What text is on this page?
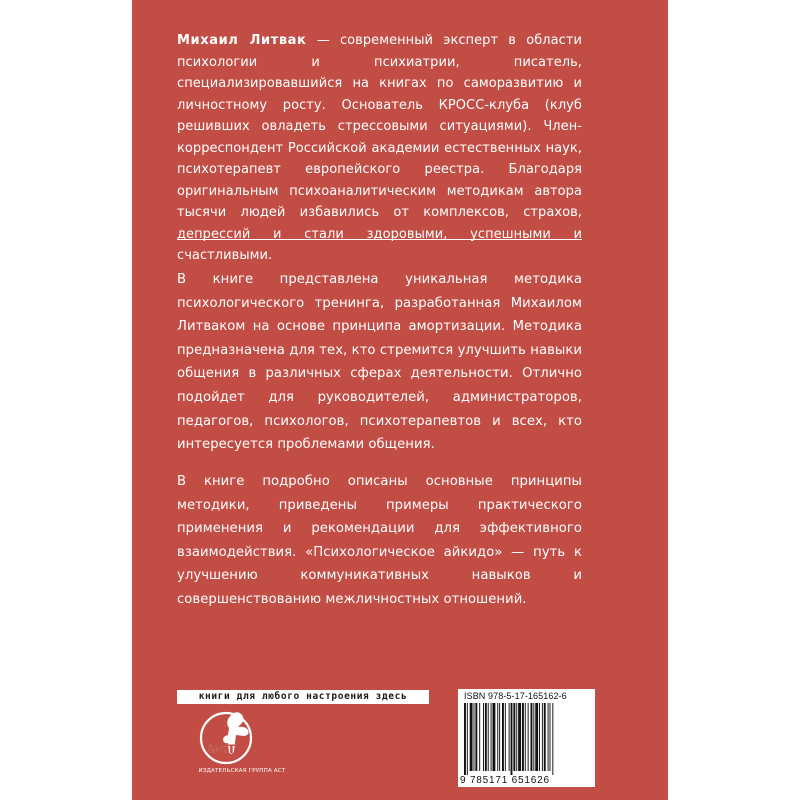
Михаил Литвак — современный эксперт в области психологии и психиатрии, писатель, специализировавшийся на книгах по саморазвитию и личностному росту. Основатель КРОСС-клуба (клуб решивших овладеть стрессовыми ситуациями). Член-корреспондент Российской академии естественных наук, психотерапевт европейского реестра. Благодаря оригинальным психоаналитическим методикам автора тысячи людей избавились от комплексов, страхов, депрессий и стали здоровыми, успешными и счастливыми.

В книге представлена уникальная методика психологического тренинга, разработанная Михаилом Литваком на основе принципа амортизации. Методика предназначена для тех, кто стремится улучшить навыки общения в различных сферах деятельности. Отлично подойдет для руководителей, администраторов, педагогов, психологов, психотерапевтов и всех, кто интересуется проблемами общения.

В книге подробно описаны основные принципы методики, приведены примеры практического применения и рекомендации для эффективного взаимодействия. «Психологическое айкидо» — путь к улучшению коммуникативных навыков и совершенствованию межличностных отношений.

книги для любого настроения здесь
аст
ИЗДАТЕЛЬСКАЯ ГРУППА АСТ
ISBN 978-5-17-165162-6
9 785171 651626
